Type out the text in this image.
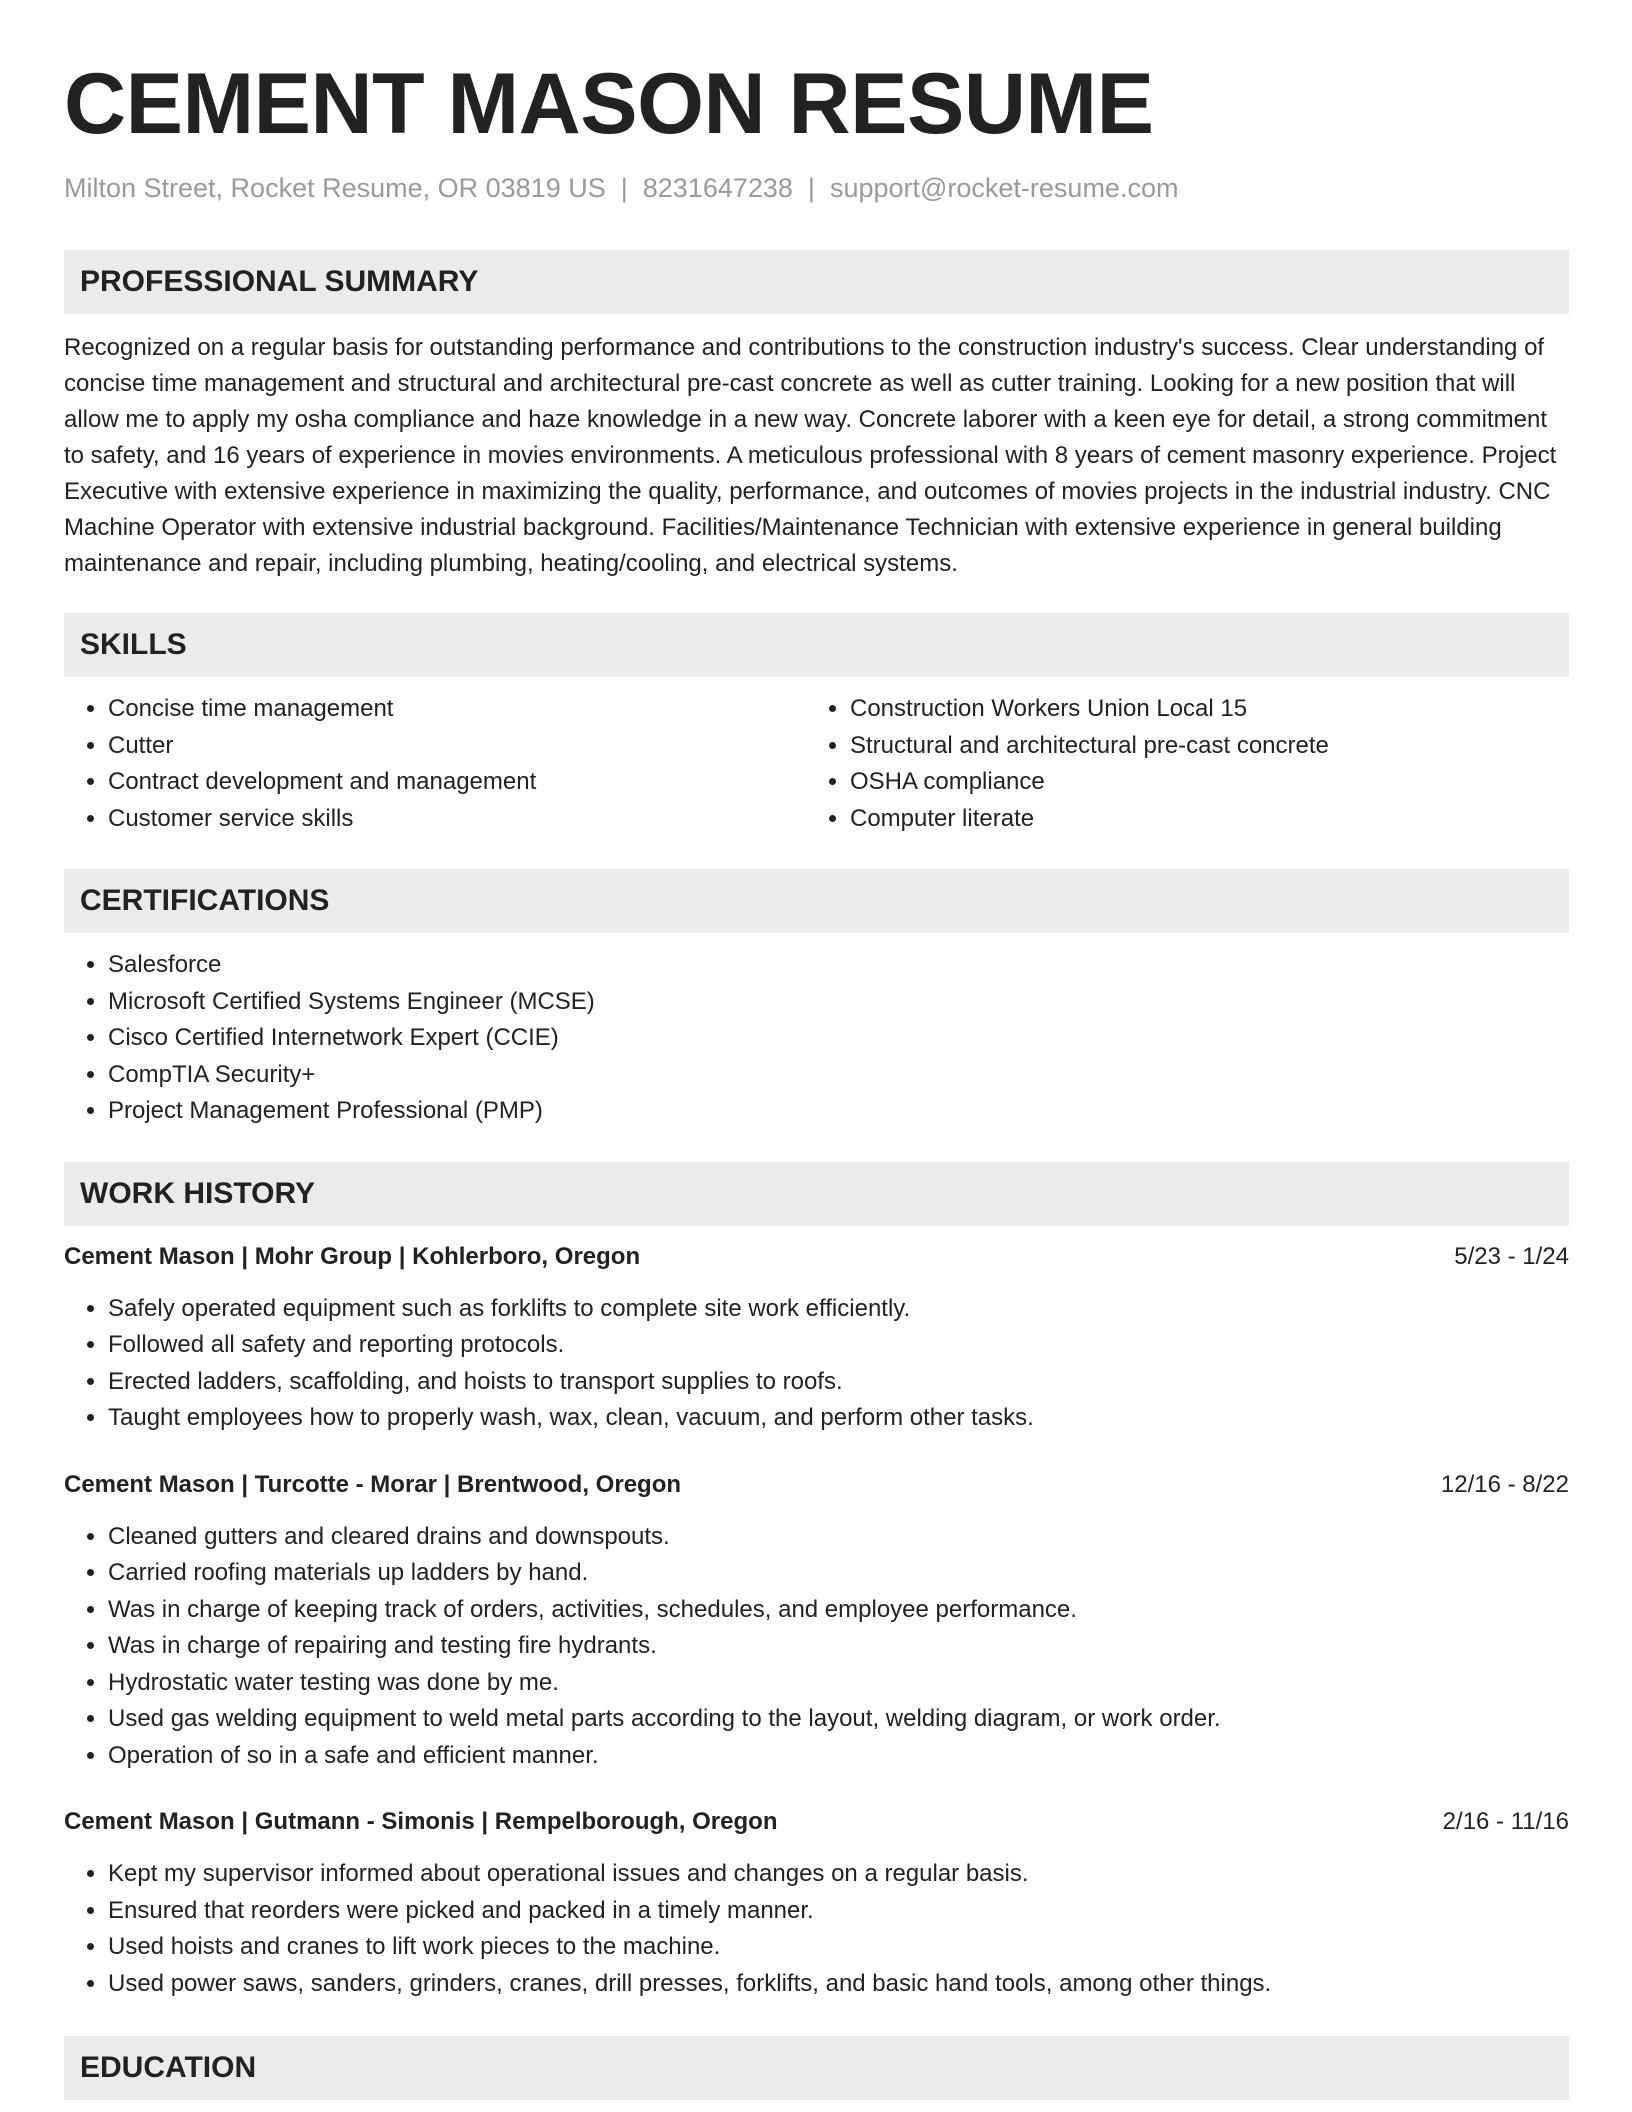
CEMENT MASON RESUME
Milton Street, Rocket Resume, OR 03819 US | 8231647238 | support@rocket-resume.com
PROFESSIONAL SUMMARY

Recognized on a regular basis for outstanding performance and contributions to the construction industry's success. Clear understanding of concise time management and structural and architectural pre-cast concrete as well as cutter training. Looking for a new position that will allow me to apply my osha compliance and haze knowledge in a new way. Concrete laborer with a keen eye for detail, a strong commitment to safety, and 16 years of experience in movies environments. A meticulous professional with 8 years of cement masonry experience. Project Executive with extensive experience in maximizing the quality, performance, and outcomes of movies projects in the industrial industry. CNC Machine Operator with extensive industrial background. Facilities/Maintenance Technician with extensive experience in general building maintenance and repair, including plumbing, heating/cooling, and electrical systems.

SKILLS
• Concise time management
• Cutter
• Contract development and management
• Customer service skills
• Construction Workers Union Local 15
• Structural and architectural pre-cast concrete
• OSHA compliance
• Computer literate
CERTIFICATIONS
• Salesforce
• Microsoft Certified Systems Engineer (MCSE)
• Cisco Certified Internetwork Expert (CCIE)
• CompTIA Security+
• Project Management Professional (PMP)
WORK HISTORY
Cement Mason | Mohr Group | Kohlerboro, Oregon	5/23 - 1/24
• Safely operated equipment such as forklifts to complete site work efficiently.
• Followed all safety and reporting protocols.
• Erected ladders, scaffolding, and hoists to transport supplies to roofs.
• Taught employees how to properly wash, wax, clean, vacuum, and perform other tasks.
Cement Mason | Turcotte - Morar | Brentwood, Oregon	12/16 - 8/22
• Cleaned gutters and cleared drains and downspouts.
• Carried roofing materials up ladders by hand.
• Was in charge of keeping track of orders, activities, schedules, and employee performance.
• Was in charge of repairing and testing fire hydrants.
• Hydrostatic water testing was done by me.
• Used gas welding equipment to weld metal parts according to the layout, welding diagram, or work order.
• Operation of so in a safe and efficient manner.
Cement Mason | Gutmann - Simonis | Rempelborough, Oregon	2/16 - 11/16
• Kept my supervisor informed about operational issues and changes on a regular basis.
• Ensured that reorders were picked and packed in a timely manner.
• Used hoists and cranes to lift work pieces to the machine.
• Used power saws, sanders, grinders, cranes, drill presses, forklifts, and basic hand tools, among other things.
EDUCATION
